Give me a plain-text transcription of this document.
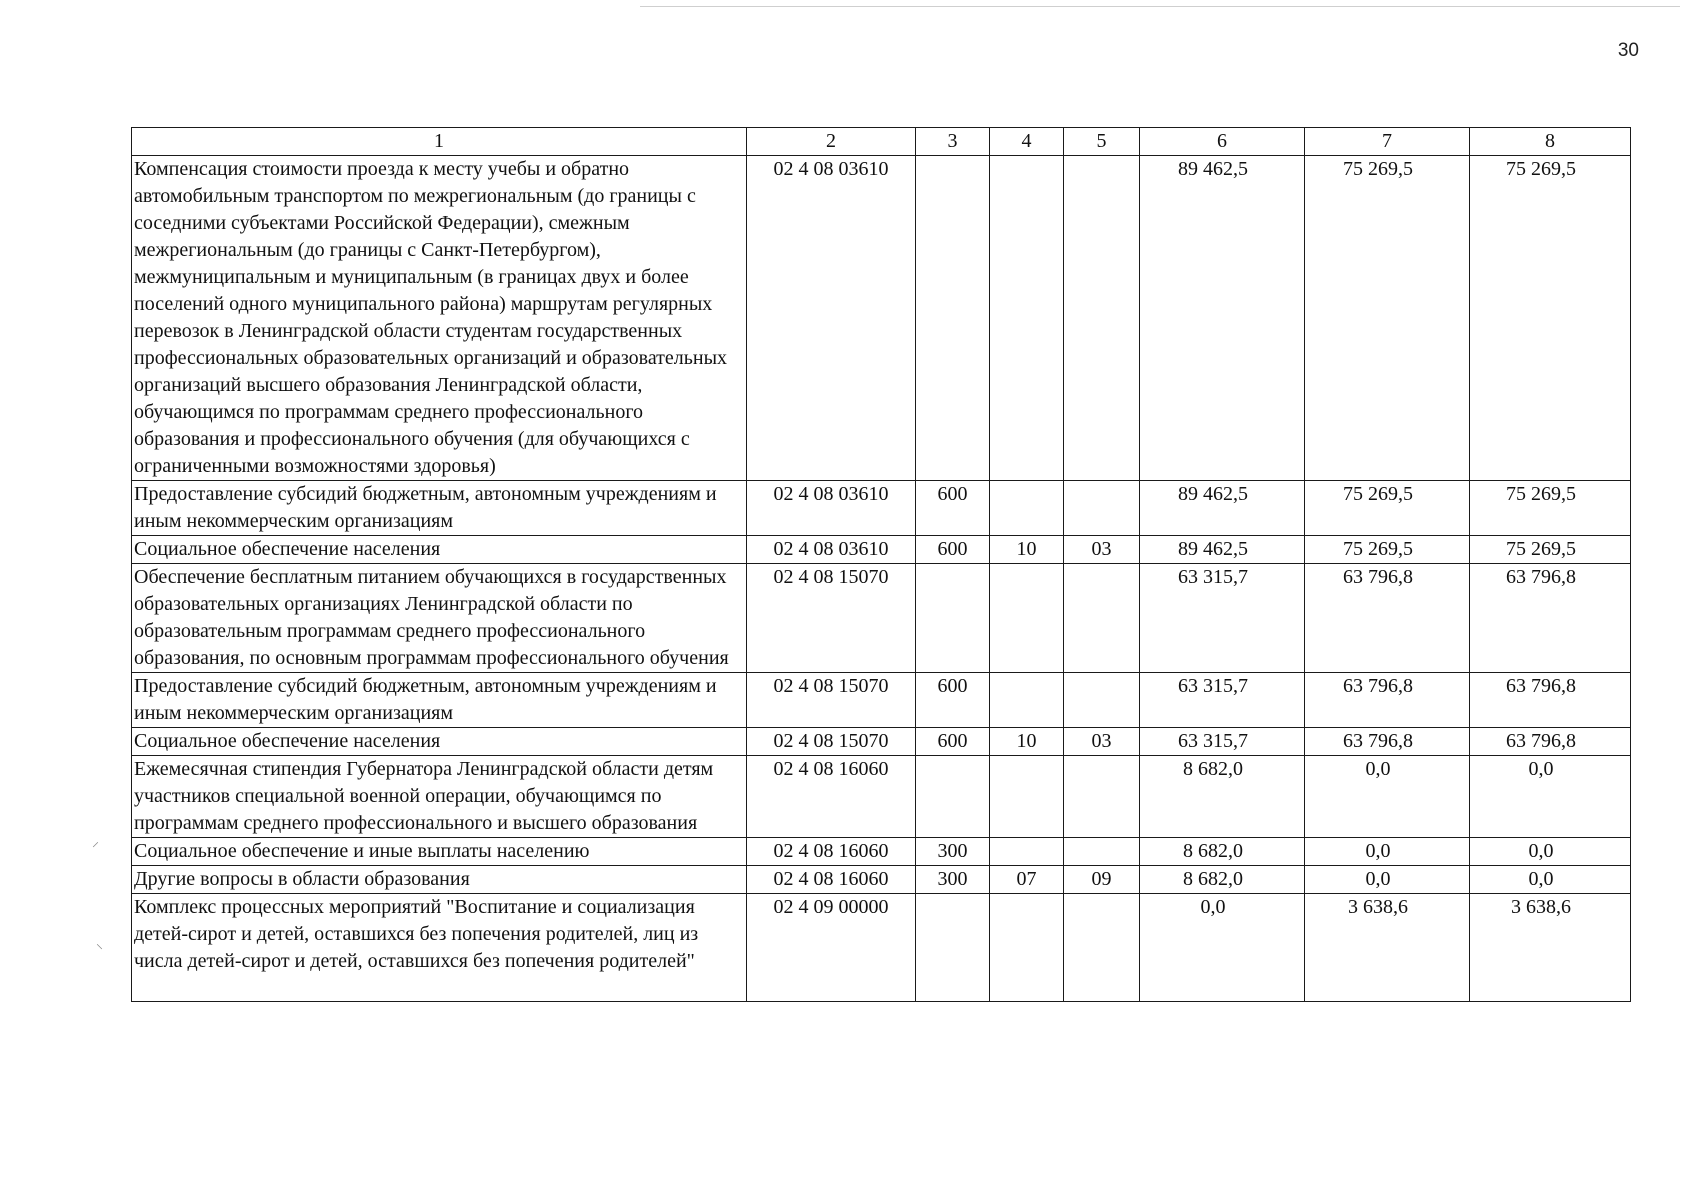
30
⸍
⸌
1	2	3	4	5	6	7	8
Компенсация стоимости проезда к месту учебы и обратно автомобильным транспортом по межрегиональным (до границы с соседними субъектами Российской Федерации), смежным межрегиональным (до границы с Санкт-Петербургом), межмуниципальным и муниципальным (в границах двух и более поселений одного муниципального района) маршрутам регулярных перевозок в Ленинградской области студентам государственных профессиональных образовательных организаций и образовательных организаций высшего образования Ленинградской области, обучающимся по программам среднего профессионального образования и профессионального обучения (для обучающихся с ограниченными возможностями здоровья)	02 4 08 03610				89 462,5	75 269,5	75 269,5
Предоставление субсидий бюджетным, автономным учреждениям и иным некоммерческим организациям	02 4 08 03610	600			89 462,5	75 269,5	75 269,5
Социальное обеспечение населения	02 4 08 03610	600	10	03	89 462,5	75 269,5	75 269,5
Обеспечение бесплатным питанием обучающихся в государственных образовательных организациях Ленинградской области по образовательным программам среднего профессионального образования, по основным программам профессионального обучения	02 4 08 15070				63 315,7	63 796,8	63 796,8
Предоставление субсидий бюджетным, автономным учреждениям и иным некоммерческим организациям	02 4 08 15070	600			63 315,7	63 796,8	63 796,8
Социальное обеспечение населения	02 4 08 15070	600	10	03	63 315,7	63 796,8	63 796,8
Ежемесячная стипендия Губернатора Ленинградской области детям участников специальной военной операции, обучающимся по программам среднего профессионального и высшего образования	02 4 08 16060				8 682,0	0,0	0,0
Социальное обеспечение и иные выплаты населению	02 4 08 16060	300			8 682,0	0,0	0,0
Другие вопросы в области образования	02 4 08 16060	300	07	09	8 682,0	0,0	0,0
Комплекс процессных мероприятий "Воспитание и социализация детей-сирот и детей, оставшихся без попечения родителей, лиц из числа детей-сирот и детей, оставшихся без попечения родителей"	02 4 09 00000				0,0	3 638,6	3 638,6
